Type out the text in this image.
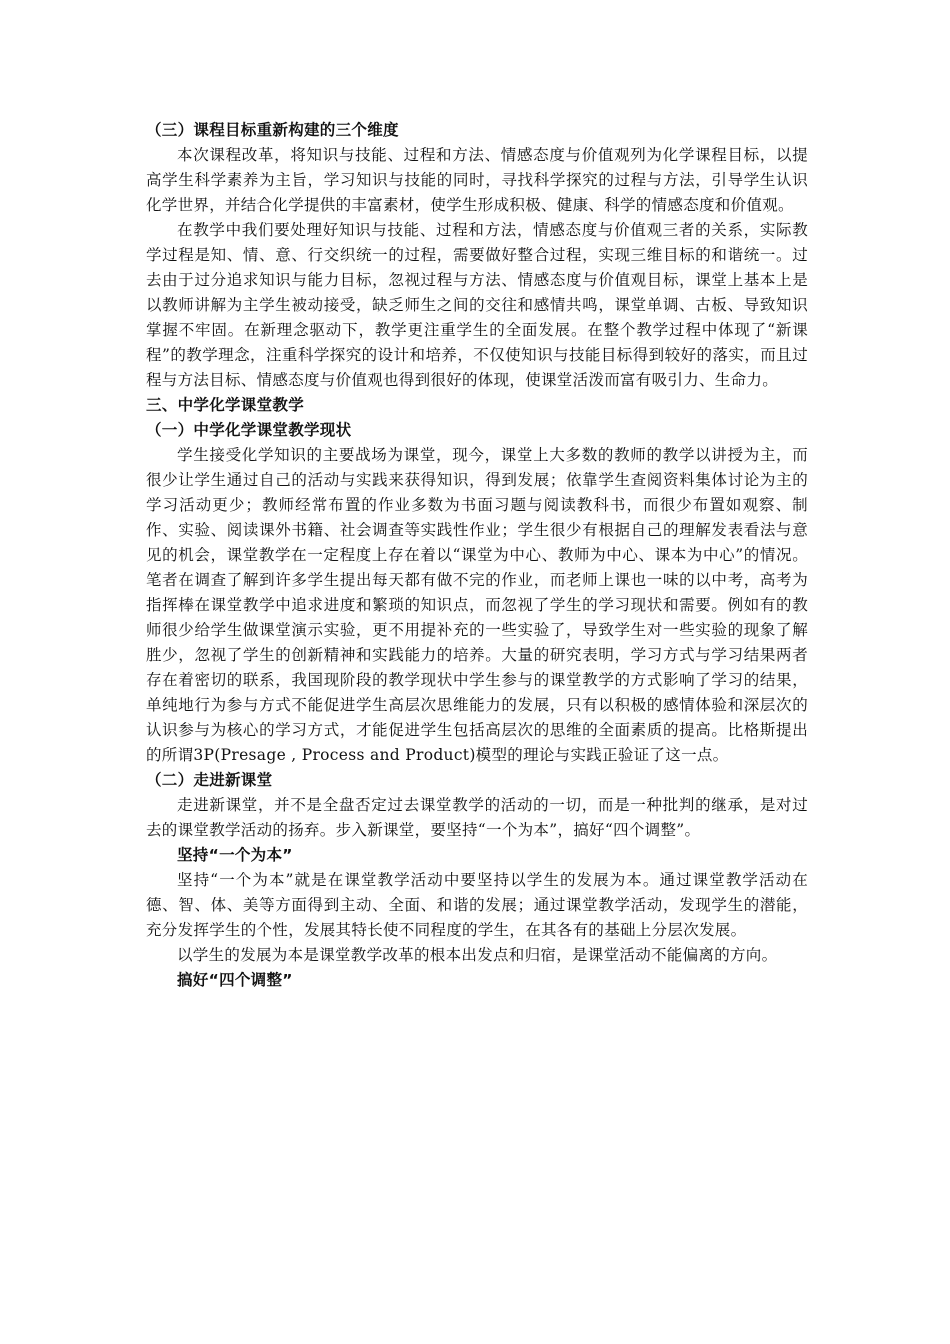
（三）课程目标重新构建的三个维度

本次课程改革，将知识与技能、过程和方法、情感态度与价值观列为化学课程目标，以提高学生科学素养为主旨，学习知识与技能的同时，寻找科学探究的过程与方法，引导学生认识化学世界，并结合化学提供的丰富素材，使学生形成积极、健康、科学的情感态度和价值观。

在教学中我们要处理好知识与技能、过程和方法，情感态度与价值观三者的关系，实际教学过程是知、情、意、行交织统一的过程，需要做好整合过程，实现三维目标的和谐统一。过去由于过分追求知识与能力目标，忽视过程与方法、情感态度与价值观目标，课堂上基本上是以教师讲解为主学生被动接受，缺乏师生之间的交往和感情共鸣，课堂单调、古板、导致知识掌握不牢固。在新理念驱动下，教学更注重学生的全面发展。在整个教学过程中体现了“新课程”的教学理念，注重科学探究的设计和培养，不仅使知识与技能目标得到较好的落实，而且过程与方法目标、情感态度与价值观也得到很好的体现，使课堂活泼而富有吸引力、生命力。

三、中学化学课堂教学

（一）中学化学课堂教学现状

学生接受化学知识的主要战场为课堂，现今，课堂上大多数的教师的教学以讲授为主，而很少让学生通过自己的活动与实践来获得知识，得到发展；依靠学生查阅资料集体讨论为主的学习活动更少；教师经常布置的作业多数为书面习题与阅读教科书，而很少布置如观察、制作、实验、阅读课外书籍、社会调查等实践性作业；学生很少有根据自己的理解发表看法与意见的机会，课堂教学在一定程度上存在着以“课堂为中心、教师为中心、课本为中心”的情况。笔者在调查了解到许多学生提出每天都有做不完的作业，而老师上课也一味的以中考，高考为指挥棒在课堂教学中追求进度和繁琐的知识点，而忽视了学生的学习现状和需要。例如有的教师很少给学生做课堂演示实验，更不用提补充的一些实验了，导致学生对一些实验的现象了解胜少，忽视了学生的创新精神和实践能力的培养。大量的研究表明，学习方式与学习结果两者存在着密切的联系，我国现阶段的教学现状中学生参与的课堂教学的方式影响了学习的结果，单纯地行为参与方式不能促进学生高层次思维能力的发展，只有以积极的感情体验和深层次的认识参与为核心的学习方式，才能促进学生包括高层次的思维的全面素质的提高。比格斯提出的所谓3P(Presage , Process and Product)模型的理论与实践正验证了这一点。

（二）走进新课堂

走进新课堂，并不是全盘否定过去课堂教学的活动的一切，而是一种批判的继承，是对过去的课堂教学活动的扬弃。步入新课堂，要坚持“一个为本”，搞好“四个调整”。

坚持“一个为本”

坚持“一个为本”就是在课堂教学活动中要坚持以学生的发展为本。通过课堂教学活动在德、智、体、美等方面得到主动、全面、和谐的发展；通过课堂教学活动，发现学生的潜能，充分发挥学生的个性，发展其特长使不同程度的学生，在其各有的基础上分层次发展。

以学生的发展为本是课堂教学改革的根本出发点和归宿，是课堂活动不能偏离的方向。

搞好“四个调整”
